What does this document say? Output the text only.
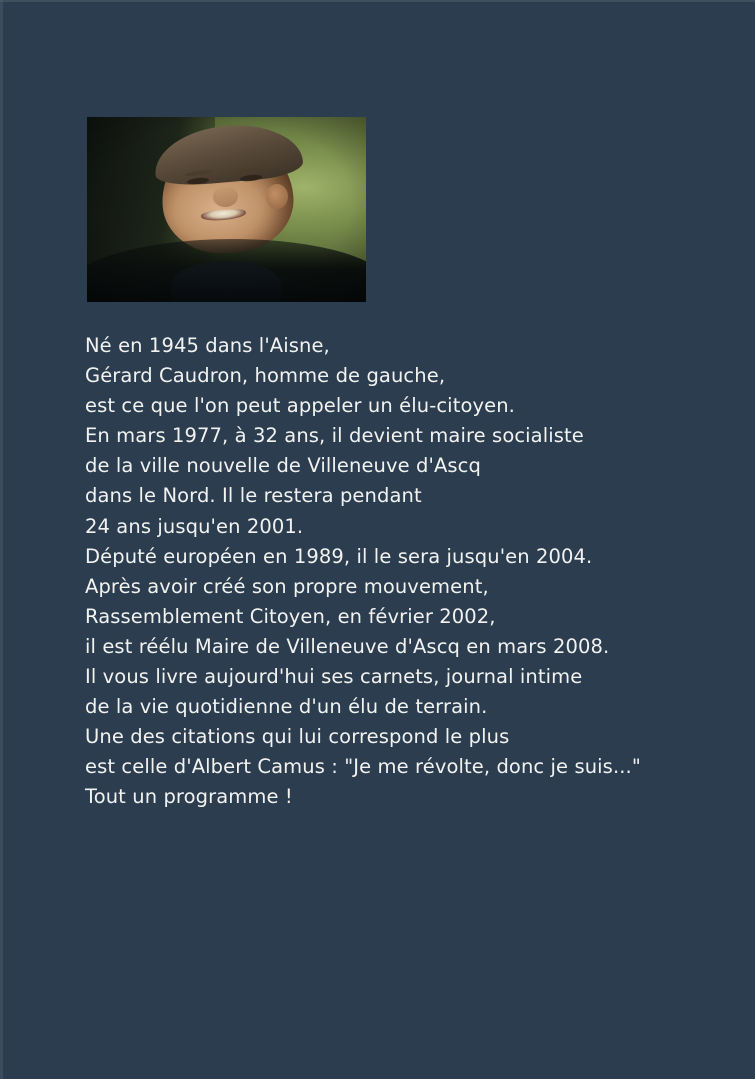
Né en 1945 dans l'Aisne,
Gérard Caudron, homme de gauche,
est ce que l'on peut appeler un élu-citoyen.
En mars 1977, à 32 ans, il devient maire socialiste
de la ville nouvelle de Villeneuve d'Ascq
dans le Nord. Il le restera pendant
24 ans jusqu'en 2001.
Député européen en 1989, il le sera jusqu'en 2004.
Après avoir créé son propre mouvement,
Rassemblement Citoyen, en février 2002,
il est réélu Maire de Villeneuve d'Ascq en mars 2008.
Il vous livre aujourd'hui ses carnets, journal intime
de la vie quotidienne d'un élu de terrain.
Une des citations qui lui correspond le plus
est celle d'Albert Camus : "Je me révolte, donc je suis..."
Tout un programme !
